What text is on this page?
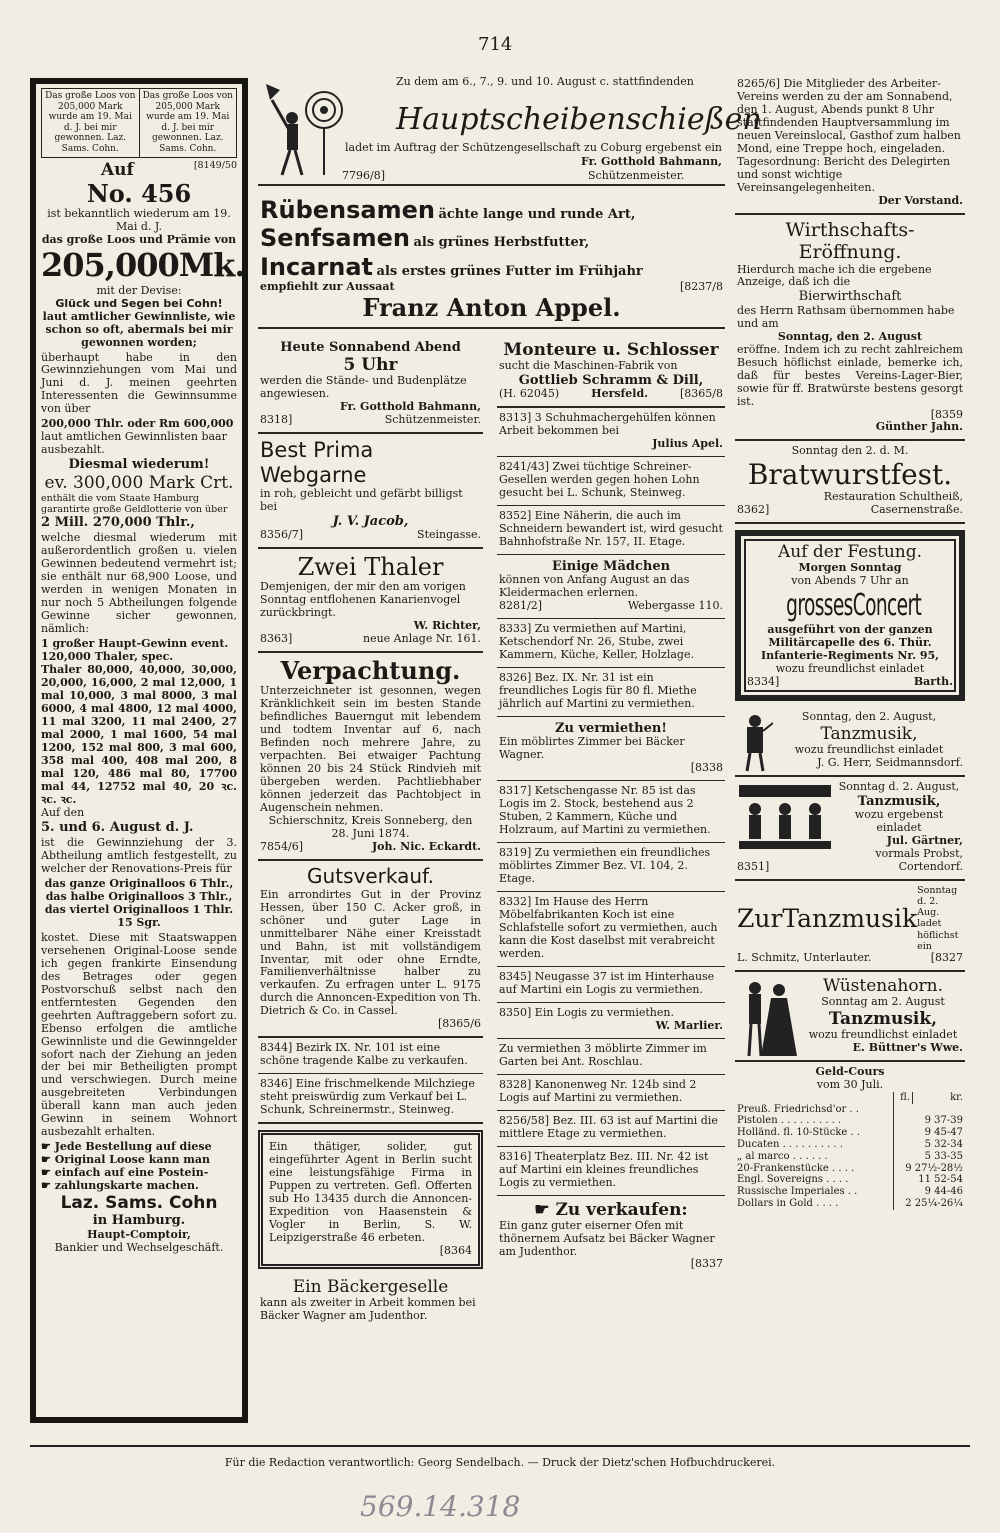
714
Das große Loos von 205,000 Mark wurde am 19. Mai d. J. bei mir gewonnen. Laz. Sams. Cohn.
Das große Loos von 205,000 Mark wurde am 19. Mai d. J. bei mir gewonnen. Laz. Sams. Cohn.
Auf	[8149/50
No. 456
ist bekanntlich wiederum am 19. Mai d. J.
das große Loos und Prämie von
205,000Mk.
mit der Devise:
Glück und Segen bei Cohn!
laut amtlicher Gewinnliste, wie schon so oft, abermals bei mir gewonnen worden;
überhaupt habe in den Gewinnziehungen vom Mai und Juni d. J. meinen geehrten Interessenten die Gewinnsumme von über
200,000 Thlr. oder Rm 600,000
laut amtlichen Gewinnlisten baar ausbezahlt.
Diesmal wiederum!
ev. 300,000 Mark Crt.
enthält die vom Staate Hamburg garantirte große Geldlotterie von über
2 Mill. 270,000 Thlr.,
welche diesmal wiederum mit außerordentlich großen u. vielen Gewinnen bedeutend vermehrt ist; sie enthält nur 68,900 Loose, und werden in wenigen Monaten in nur noch 5 Abtheilungen folgende Gewinne sicher gewonnen, nämlich:
1 großer Haupt-Gewinn event. 120,000 Thaler, spec.
Thaler 80,000, 40,000, 30,000, 20,000, 16,000, 2 mal 12,000, 1 mal 10,000, 3 mal 8000, 3 mal 6000, 4 mal 4800, 12 mal 4000, 11 mal 3200, 11 mal 2400, 27 mal 2000, 1 mal 1600, 54 mal 1200, 152 mal 800, 3 mal 600, 358 mal 400, 408 mal 200, 8 mal 120, 486 mal 80, 17700 mal 44, 12752 mal 40, 20 ꝛc. ꝛc. ꝛc.
Auf den
5. und 6. August d. J.
ist die Gewinnziehung der 3. Abtheilung amtlich festgestellt, zu welcher der Renovations-Preis für
das ganze Originalloos 6 Thlr.,
das halbe Originalloos 3 Thlr.,
das viertel Originalloos 1 Thlr. 15 Sgr.
kostet. Diese mit Staatswappen versehenen Original-Loose sende ich gegen frankirte Einsendung des Betrages oder gegen Postvorschuß selbst nach den entferntesten Gegenden den geehrten Auftraggebern sofort zu. Ebenso erfolgen die amtliche Gewinnliste und die Gewinngelder sofort nach der Ziehung an jeden der bei mir Betheiligten prompt und verschwiegen. Durch meine ausgebreiteten Verbindungen überall kann man auch jeden Gewinn in seinem Wohnort ausbezahlt erhalten.
☛ Jede Bestellung auf diese
☛ Original Loose kann man
☛ einfach auf eine Postein-
☛ zahlungskarte machen.
Laz. Sams. Cohn
in Hamburg.
Haupt-Comptoir,
Bankier und Wechselgeschäft.
Zu dem am 6., 7., 9. und 10. August c. stattfindenden
Hauptscheibenschießen
ladet im Auftrag der Schützengesellschaft zu Coburg ergebenst ein
Fr. Gotthold Bahmann,
7796/8]	Schützenmeister.
Rübensamen ächte lange und runde Art,
Senfsamen als grünes Herbstfutter,
Incarnat als erstes grünes Futter im Frühjahr
empfiehlt zur Aussaat	[8237/8
Franz Anton Appel.
Heute Sonnabend Abend
5 Uhr
werden die Stände- und Budenplätze angewiesen.
Fr. Gotthold Bahmann,
8318]	Schützenmeister.
Best Prima Webgarne
in roh, gebleicht und gefärbt billigst bei
J. V. Jacob,
8356/7]	Steingasse.
Zwei Thaler
Demjenigen, der mir den am vorigen Sonntag entflohenen Kanarienvogel zurückbringt.
W. Richter,
8363]	neue Anlage Nr. 161.
Verpachtung.
Unterzeichneter ist gesonnen, wegen Kränklichkeit sein im besten Stande befindliches Bauerngut mit lebendem und todtem Inventar auf 6, nach Befinden noch mehrere Jahre, zu verpachten. Bei etwaiger Pachtung können 20 bis 24 Stück Rindvieh mit übergeben werden. Pachtliebhaber können jederzeit das Pachtobject in Augenschein nehmen.
Schierschnitz, Kreis Sonneberg, den 28. Juni 1874.
7854/6]	Joh. Nic. Eckardt.
Gutsverkauf.
Ein arrondirtes Gut in der Provinz Hessen, über 150 C. Acker groß, in schöner und guter Lage in unmittelbarer Nähe einer Kreisstadt und Bahn, ist mit vollständigem Inventar, mit oder ohne Erndte, Familienverhältnisse halber zu verkaufen. Zu erfragen unter L. 9175 durch die Annoncen-Expedition von Th. Dietrich & Co. in Cassel.
[8365/6
8344] Bezirk IX. Nr. 101 ist eine schöne tragende Kalbe zu verkaufen.
8346] Eine frischmelkende Milchziege steht preiswürdig zum Verkauf bei L. Schunk, Schreinermstr., Steinweg.
Ein thätiger, solider, gut eingeführter Agent in Berlin sucht eine leistungsfähige Firma in Puppen zu vertreten. Gefl. Offerten sub Ho 13435 durch die Annoncen-Expedition von Haasenstein & Vogler in Berlin, S. W. Leipzigerstraße 46 erbeten.
[8364
Ein Bäckergeselle
kann als zweiter in Arbeit kommen bei Bäcker Wagner am Judenthor.
Monteure u. Schlosser
sucht die Maschinen-Fabrik von
Gottlieb Schramm & Dill,
(H. 62045)	Hersfeld.	[8365/8
8313] 3 Schuhmachergehülfen können Arbeit bekommen bei
Julius Apel.
8241/43] Zwei tüchtige Schreiner-Gesellen werden gegen hohen Lohn gesucht bei L. Schunk, Steinweg.
8352] Eine Näherin, die auch im Schneidern bewandert ist, wird gesucht Bahnhofstraße Nr. 157, II. Etage.
Einige Mädchen
können von Anfang August an das Kleidermachen erlernen.
8281/2]	Webergasse 110.
8333] Zu vermiethen auf Martini, Ketschendorf Nr. 26, Stube, zwei Kammern, Küche, Keller, Holzlage.
8326] Bez. IX. Nr. 31 ist ein freundliches Logis für 80 fl. Miethe jährlich auf Martini zu vermiethen.
Zu vermiethen!
Ein möblirtes Zimmer bei Bäcker Wagner.
[8338
8317] Ketschengasse Nr. 85 ist das Logis im 2. Stock, bestehend aus 2 Stuben, 2 Kammern, Küche und Holzraum, auf Martini zu vermiethen.
8319] Zu vermiethen ein freundliches möblirtes Zimmer Bez. VI. 104, 2. Etage.
8332] Im Hause des Herrn Möbelfabrikanten Koch ist eine Schlafstelle sofort zu vermiethen, auch kann die Kost daselbst mit verabreicht werden.
8345] Neugasse 37 ist im Hinterhause auf Martini ein Logis zu vermiethen.
8350] Ein Logis zu vermiethen.
W. Marlier.
Zu vermiethen 3 möblirte Zimmer im Garten bei Ant. Roschlau.
8328] Kanonenweg Nr. 124b sind 2 Logis auf Martini zu vermiethen.
8256/58] Bez. III. 63 ist auf Martini die mittlere Etage zu vermiethen.
8316] Theaterplatz Bez. III. Nr. 42 ist auf Martini ein kleines freundliches Logis zu vermiethen.
☛ Zu verkaufen:
Ein ganz guter eiserner Ofen mit thönernem Aufsatz bei Bäcker Wagner am Judenthor.
[8337
8265/6] Die Mitglieder des Arbeiter-Vereins werden zu der am Sonnabend, den 1. August, Abends punkt 8 Uhr stattfindenden Hauptversammlung im neuen Vereinslocal, Gasthof zum halben Mond, eine Treppe hoch, eingeladen. Tagesordnung: Bericht des Delegirten und sonst wichtige Vereinsangelegenheiten.
Der Vorstand.
Wirthschafts-Eröffnung.
Hierdurch mache ich die ergebene Anzeige, daß ich die
Bierwirthschaft
des Herrn Rathsam übernommen habe und am
Sonntag, den 2. August
eröffne. Indem ich zu recht zahlreichem Besuch höflichst einlade, bemerke ich, daß für bestes Vereins-Lager-Bier, sowie für ff. Bratwürste bestens gesorgt ist.
[8359
Günther Jahn.
Sonntag den 2. d. M.
Bratwurstfest.
Restauration Schultheiß,
8362]	Casernenstraße.
Auf der Festung.
Morgen Sonntag
von Abends 7 Uhr an
grossesConcert
ausgeführt von der ganzen Militärcapelle des 6. Thür. Infanterie-Regiments Nr. 95,
wozu freundlichst einladet
8334]	Barth.
Sonntag, den 2. August,
Tanzmusik,
wozu freundlichst einladet
J. G. Herr, Seidmannsdorf.
Sonntag d. 2. August,
Tanzmusik,
wozu ergebenst einladet
Jul. Gärtner,
vormals Probst,
8351]	Cortendorf.
ZurTanzmusik
Sonntag d. 2. Aug. ladet höflichst ein
L. Schmitz, Unterlauter.	[8327
Wüstenahorn.
Sonntag am 2. August
Tanzmusik,
wozu freundlichst einladet
E. Büttner's Wwe.
Geld-Cours
vom 30 Juli.
	fl.	kr.
Preuß. Friedrichsd'or . .		
Pistolen . . . . . . . . . .	9 37-39	
Holländ. fl. 10-Stücke . .	9 45-47	
Ducaten . . . . . . . . . .	5 32-34	
„ al marco . . . . . .	5 33-35	
20-Frankenstücke . . . .	9 27½-28½	
Engl. Sovereigns . . . .	11 52-54	
Russische Imperiales . .	9 44-46	
Dollars in Gold . . . .	2 25¼-26¼	
Für die Redaction verantwortlich: Georg Sendelbach. — Druck der Dietz'schen Hofbuchdruckerei.
569.14.318
